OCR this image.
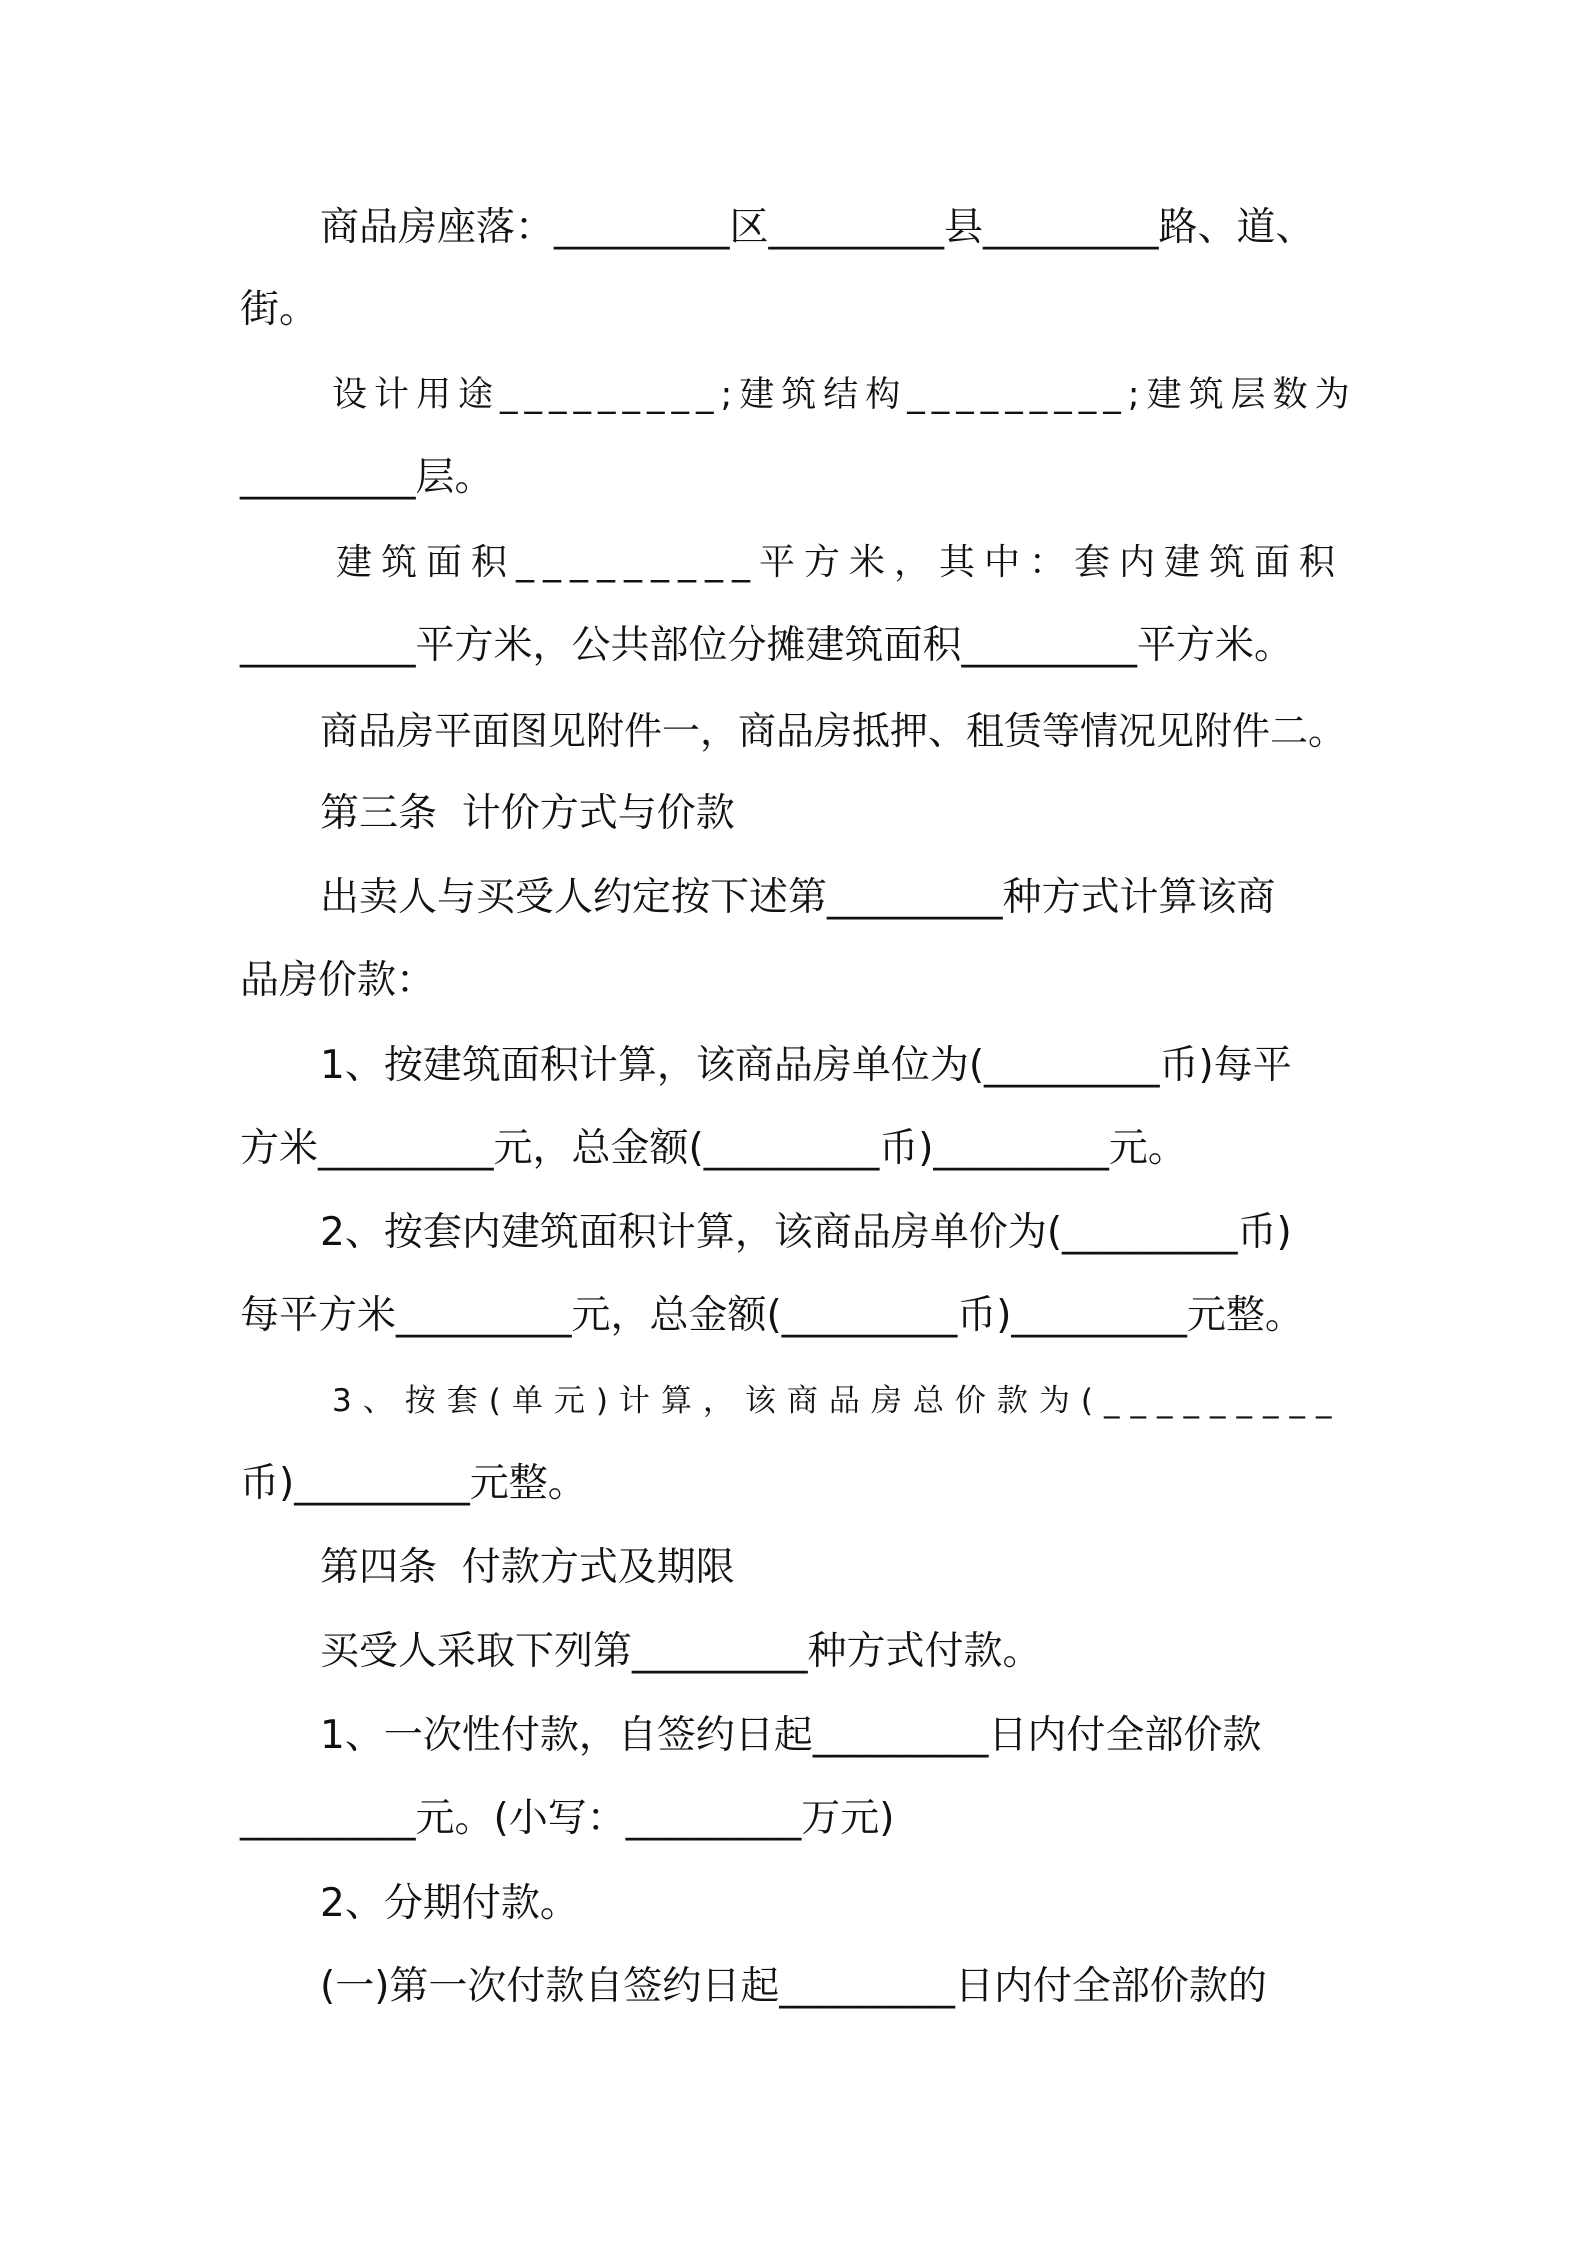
商品房座落：_________区_________县_________路、道、
街。
设计用途_________;建筑结构_________;建筑层数为
_________层。
建筑面积_________平方米，其中：套内建筑面积
_________平方米，公共部位分摊建筑面积_________平方米。
商品房平面图见附件一，商品房抵押、租赁等情况见附件二。
第三条  计价方式与价款
出卖人与买受人约定按下述第_________种方式计算该商
品房价款：
1、按建筑面积计算，该商品房单位为(_________币)每平
方米_________元，总金额(_________币)_________元。
2、按套内建筑面积计算，该商品房单价为(_________币)
每平方米_________元，总金额(_________币)_________元整。
3、按套(单元)计算，该商品房总价款为(_________
币)_________元整。
第四条  付款方式及期限
买受人采取下列第_________种方式付款。
1、一次性付款，自签约日起_________日内付全部价款
_________元。(小写：_________万元)
2、分期付款。
(一)第一次付款自签约日起_________日内付全部价款的
